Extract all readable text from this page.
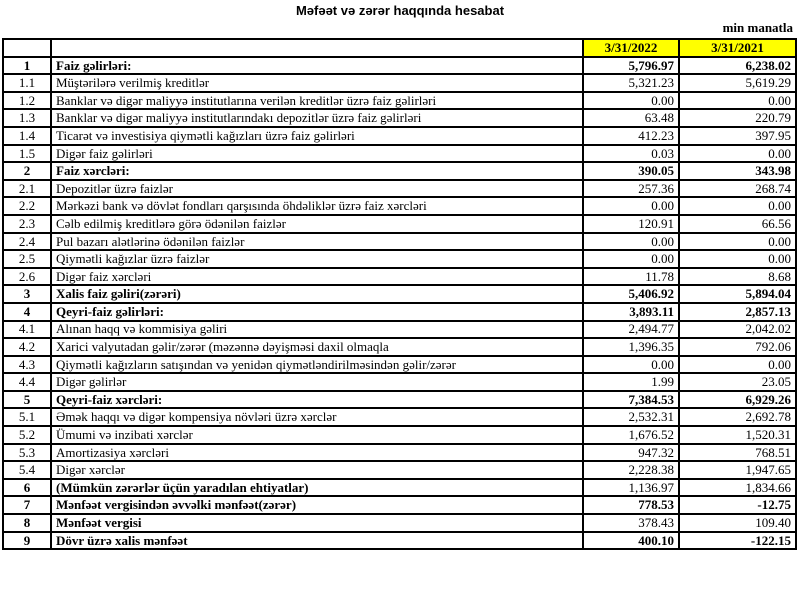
Məfəət və zərər haqqında hesabat
min manatla
		3/31/2022	3/31/2021
1	Faiz gəlirləri:	5,796.97	6,238.02
1.1	Müştərilərə verilmiş kreditlər	5,321.23	5,619.29
1.2	Banklar və digər maliyyə institutlarına verilən kreditlər üzrə faiz gəlirləri	0.00	0.00
1.3	Banklar və digər maliyyə institutlarındakı depozitlər üzrə faiz gəlirləri	63.48	220.79
1.4	Ticarət və investisiya qiymətli kağızları üzrə faiz gəlirləri	412.23	397.95
1.5	Digər faiz gəlirləri	0.03	0.00
2	Faiz xərcləri:	390.05	343.98
2.1	Depozitlər üzrə faizlər	257.36	268.74
2.2	Mərkəzi bank və dövlət fondları qarşısında öhdəliklər üzrə faiz xərcləri	0.00	0.00
2.3	Cəlb edilmiş kreditlərə görə ödənilən faizlər	120.91	66.56
2.4	Pul bazarı alətlərinə ödənilən faizlər	0.00	0.00
2.5	Qiymətli kağızlar üzrə faizlər	0.00	0.00
2.6	Digər faiz xərcləri	11.78	8.68
3	Xalis faiz gəliri(zərəri)	5,406.92	5,894.04
4	Qeyri-faiz gəlirləri:	3,893.11	2,857.13
4.1	Alınan haqq və kommisiya gəliri	2,494.77	2,042.02
4.2	Xarici valyutadan gəlir/zərər (məzənnə dəyişməsi daxil olmaqla	1,396.35	792.06
4.3	Qiymətli kağızların satışından və yenidən qiymətləndirilməsindən gəlir/zərər	0.00	0.00
4.4	Digər gəlirlər	1.99	23.05
5	Qeyri-faiz xərcləri:	7,384.53	6,929.26
5.1	Əmək haqqı və digər kompensiya növləri üzrə xərclər	2,532.31	2,692.78
5.2	Ümumi və inzibati xərclər	1,676.52	1,520.31
5.3	Amortizasiya xərcləri	947.32	768.51
5.4	Digər xərclər	2,228.38	1,947.65
6	(Mümkün zərərlər üçün yaradılan ehtiyatlar)	1,136.97	1,834.66
7	Mənfəət vergisindən əvvəlki mənfəət(zərər)	778.53	-12.75
8	Mənfəət vergisi	378.43	109.40
9	Dövr üzrə xalis mənfəət	400.10	-122.15
